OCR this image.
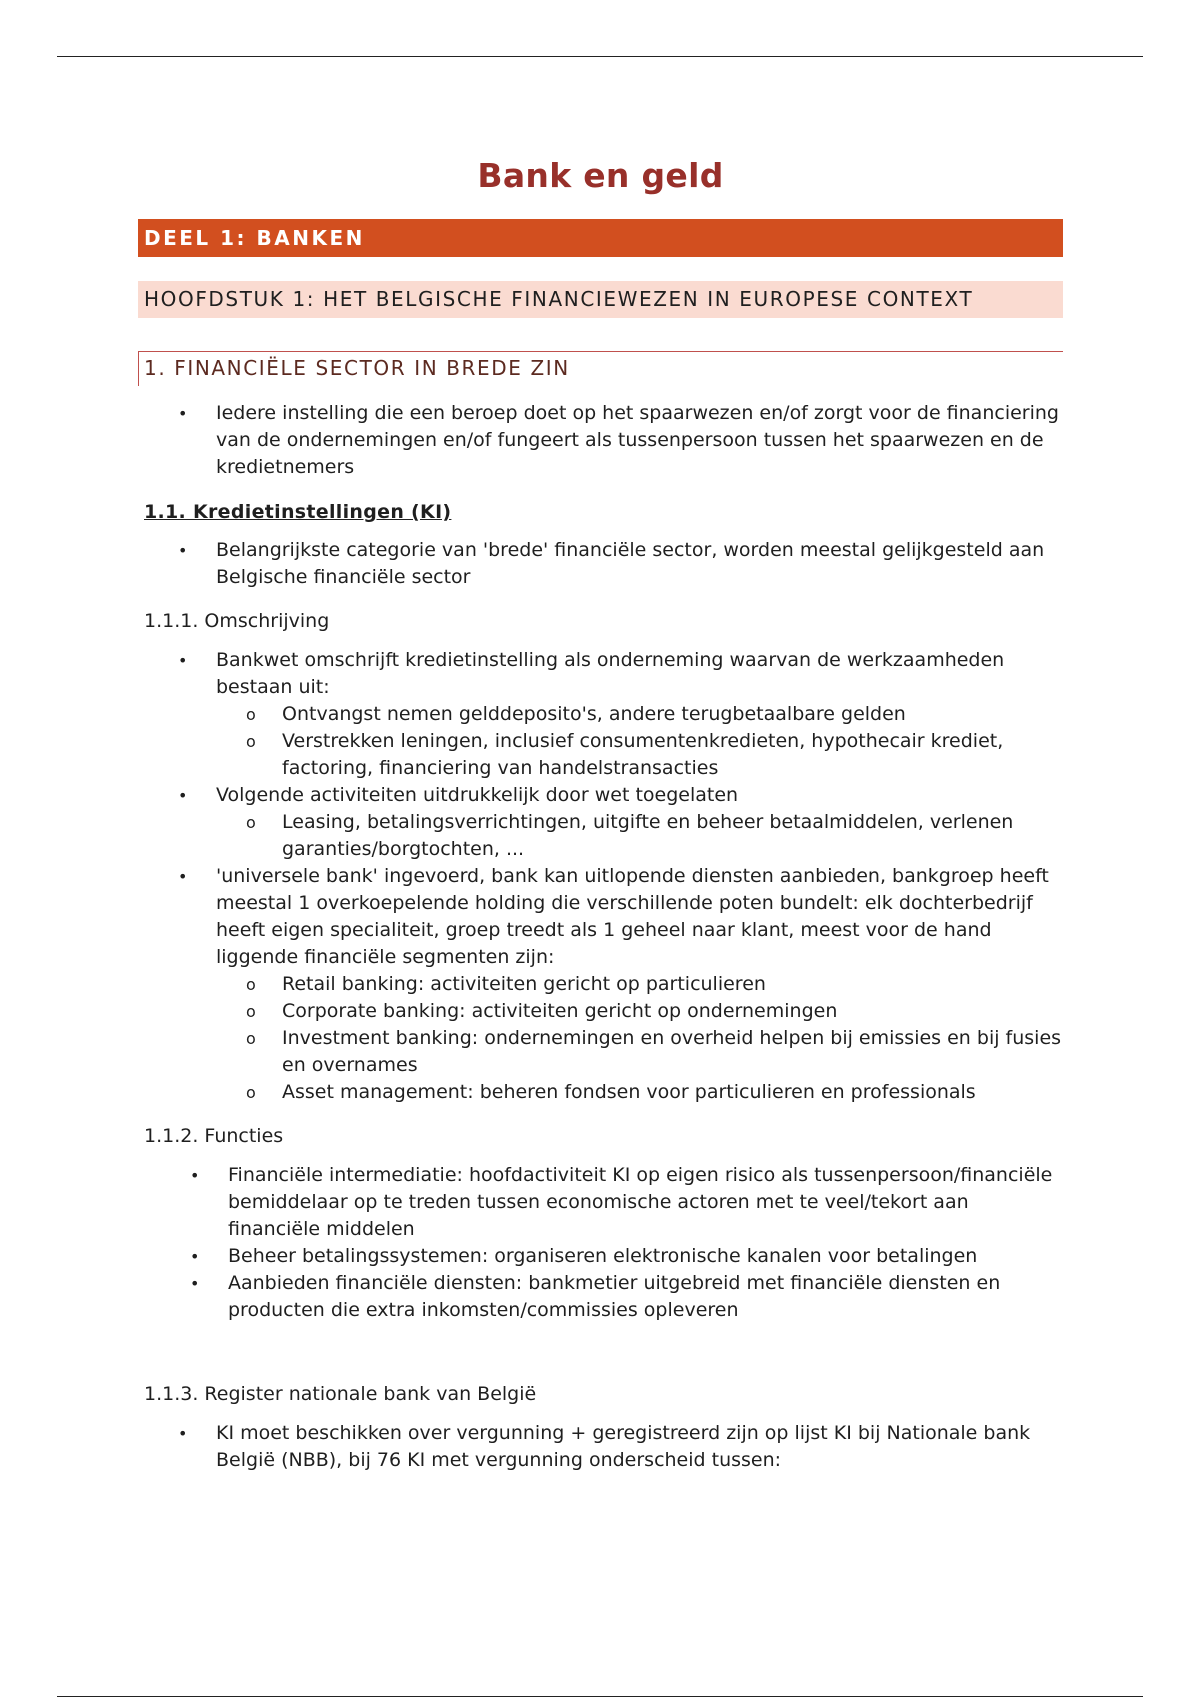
Bank en geld
DEEL 1: BANKEN
HOOFDSTUK 1: HET BELGISCHE FINANCIEWEZEN IN EUROPESE CONTEXT
1. FINANCIËLE SECTOR IN BREDE ZIN
• Iedere instelling die een beroep doet op het spaarwezen en/of zorgt voor de financiering van de ondernemingen en/of fungeert als tussenpersoon tussen het spaarwezen en de kredietnemers
1.1. Kredietinstellingen (KI)
• Belangrijkste categorie van 'brede' financiële sector, worden meestal gelijkgesteld aan Belgische financiële sector
1.1.1. Omschrijving
• Bankwet omschrijft kredietinstelling als onderneming waarvan de werkzaamheden bestaan uit:
o Ontvangst nemen gelddeposito's, andere terugbetaalbare gelden
o Verstrekken leningen, inclusief consumentenkredieten, hypothecair krediet, factoring, financiering van handelstransacties
• Volgende activiteiten uitdrukkelijk door wet toegelaten
o Leasing, betalingsverrichtingen, uitgifte en beheer betaalmiddelen, verlenen garanties/borgtochten, ...
• 'universele bank' ingevoerd, bank kan uitlopende diensten aanbieden, bankgroep heeft meestal 1 overkoepelende holding die verschillende poten bundelt: elk dochterbedrijf heeft eigen specialiteit, groep treedt als 1 geheel naar klant, meest voor de hand liggende financiële segmenten zijn:
o Retail banking: activiteiten gericht op particulieren
o Corporate banking: activiteiten gericht op ondernemingen
o Investment banking: ondernemingen en overheid helpen bij emissies en bij fusies en overnames
o Asset management: beheren fondsen voor particulieren en professionals
1.1.2. Functies
• Financiële intermediatie: hoofdactiviteit KI op eigen risico als tussenpersoon/financiële bemiddelaar op te treden tussen economische actoren met te veel/tekort aan financiële middelen
• Beheer betalingssystemen: organiseren elektronische kanalen voor betalingen
• Aanbieden financiële diensten: bankmetier uitgebreid met financiële diensten en producten die extra inkomsten/commissies opleveren
1.1.3. Register nationale bank van België
• KI moet beschikken over vergunning + geregistreerd zijn op lijst KI bij Nationale bank België (NBB), bij 76 KI met vergunning onderscheid tussen:
